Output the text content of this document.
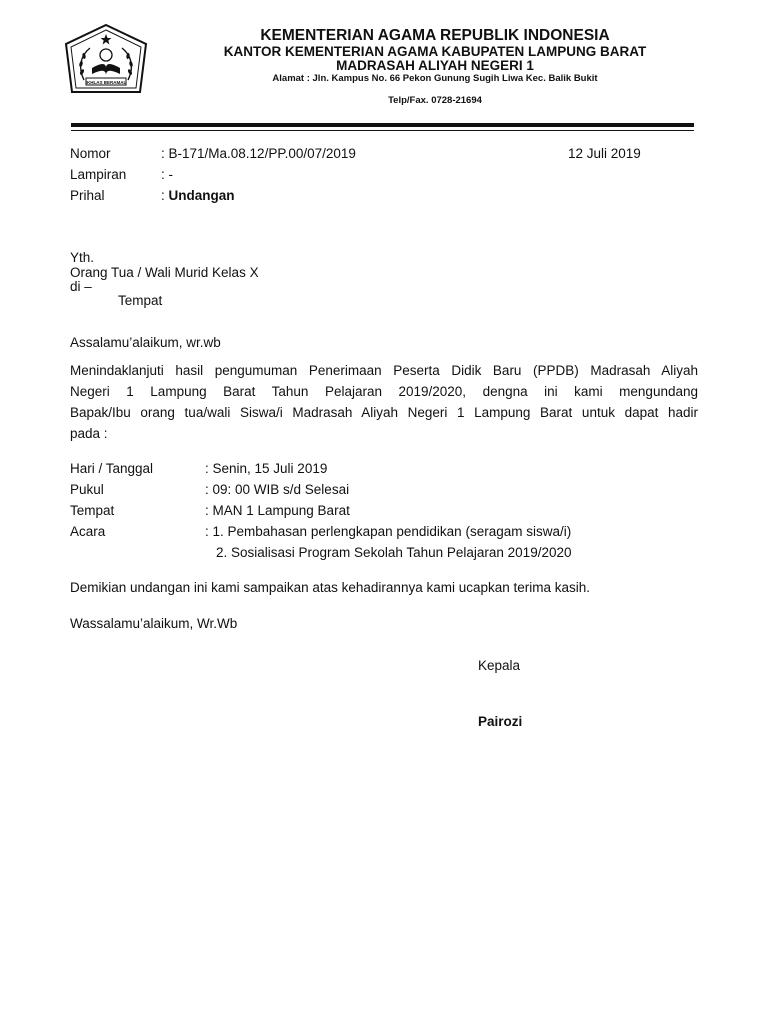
IKHLAS BERAMAL
KEMENTERIAN AGAMA REPUBLIK INDONESIA
KANTOR KEMENTERIAN AGAMA KABUPATEN LAMPUNG BARAT
MADRASAH ALIYAH NEGERI 1
Alamat : Jln. Kampus No. 66 Pekon Gunung Sugih Liwa Kec. Balik Bukit
Telp/Fax. 0728-21694
Nomor	: B-171/Ma.08.12/PP.00/07/2019	12 Juli 2019
Lampiran	: -
Prihal	: Undangan
Yth.
Orang Tua / Wali Murid Kelas X
di –
Tempat
Assalamu’alaikum, wr.wb
Menindaklanjuti hasil pengumuman Penerimaan Peserta Didik Baru (PPDB) Madrasah Aliyah
Negeri 1 Lampung Barat Tahun Pelajaran 2019/2020, dengna ini kami mengundang
Bapak/Ibu orang tua/wali Siswa/i Madrasah Aliyah Negeri 1 Lampung Barat untuk dapat hadir
pada :
Hari / Tanggal	: Senin, 15 Juli 2019
Pukul	: 09: 00 WIB s/d Selesai
Tempat	: MAN 1 Lampung Barat
Acara	: 1. Pembahasan perlengkapan pendidikan (seragam siswa/i)
2. Sosialisasi Program Sekolah Tahun Pelajaran 2019/2020
Demikian undangan ini kami sampaikan atas kehadirannya kami ucapkan terima kasih.
Wassalamu’alaikum, Wr.Wb
Kepala
Pairozi
